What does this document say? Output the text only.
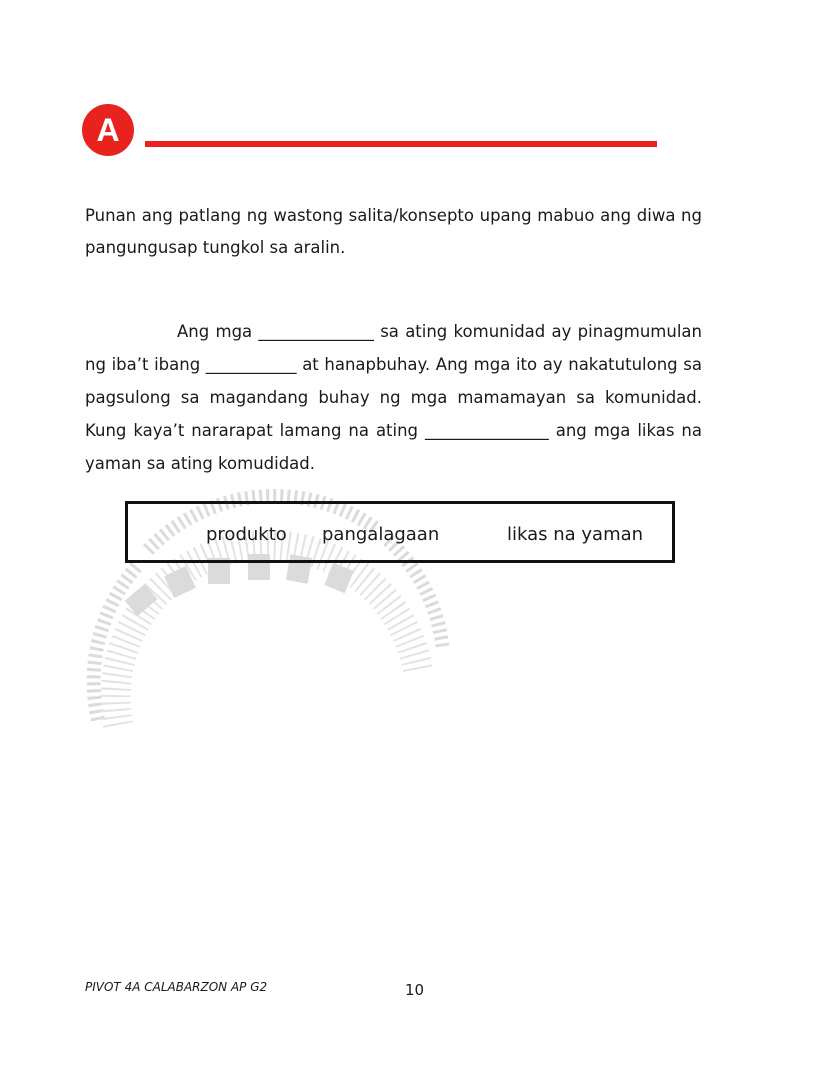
A

Punan ang patlang ng wastong salita/konsepto upang mabuo ang diwa ng pangungusap tungkol sa aralin.

Ang mga ______________ sa ating komunidad ay pinagmumulan ng iba’t ibang ___________ at hanapbuhay. Ang mga ito ay nakatutulong sa pagsulong sa magandang buhay ng mga mamamayan sa komunidad. Kung kaya’t nararapat lamang na ating _______________ ang mga likas na yaman sa ating komudidad.

produkto pangalagaan	likas na yaman
PIVOT 4A CALABARZON AP G2	10
